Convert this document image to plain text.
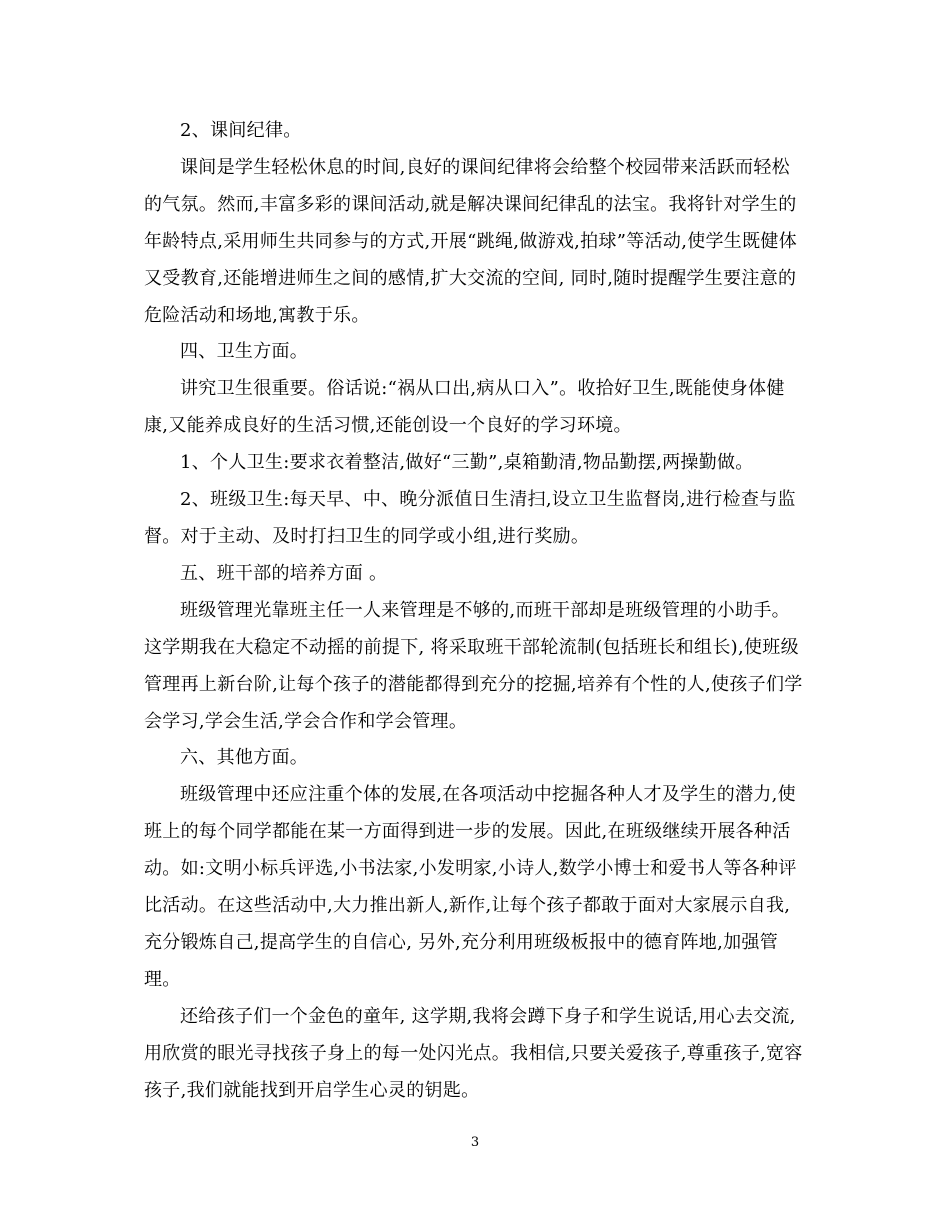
2、课间纪律。

课间是学生轻松休息的时间,良好的课间纪律将会给整个校园带来活跃而轻松的气氛。然而,丰富多彩的课间活动,就是解决课间纪律乱的法宝。我将针对学生的年龄特点,采用师生共同参与的方式,开展“跳绳,做游戏,拍球”等活动,使学生既健体又受教育,还能增进师生之间的感情,扩大交流的空间, 同时,随时提醒学生要注意的危险活动和场地,寓教于乐。

四、卫生方面。

讲究卫生很重要。俗话说:“祸从口出,病从口入”。收拾好卫生,既能使身体健康,又能养成良好的生活习惯,还能创设一个良好的学习环境。

1、个人卫生:要求衣着整洁,做好“三勤”,桌箱勤清,物品勤摆,两操勤做。

2、班级卫生:每天早、中、晚分派值日生清扫,设立卫生监督岗,进行检查与监督。对于主动、及时打扫卫生的同学或小组,进行奖励。

五、班干部的培养方面 。

班级管理光靠班主任一人来管理是不够的,而班干部却是班级管理的小助手。这学期我在大稳定不动摇的前提下, 将采取班干部轮流制(包括班长和组长),使班级管理再上新台阶,让每个孩子的潜能都得到充分的挖掘,培养有个性的人,使孩子们学会学习,学会生活,学会合作和学会管理。

六、其他方面。

班级管理中还应注重个体的发展,在各项活动中挖掘各种人才及学生的潜力,使班上的每个同学都能在某一方面得到进一步的发展。因此,在班级继续开展各种活动。如:文明小标兵评选,小书法家,小发明家,小诗人,数学小博士和爱书人等各种评比活动。在这些活动中,大力推出新人,新作,让每个孩子都敢于面对大家展示自我,充分锻炼自己,提高学生的自信心, 另外,充分利用班级板报中的德育阵地,加强管理。

还给孩子们一个金色的童年, 这学期,我将会蹲下身子和学生说话,用心去交流,用欣赏的眼光寻找孩子身上的每一处闪光点。我相信,只要关爱孩子,尊重孩子,宽容孩子,我们就能找到开启学生心灵的钥匙。

3
